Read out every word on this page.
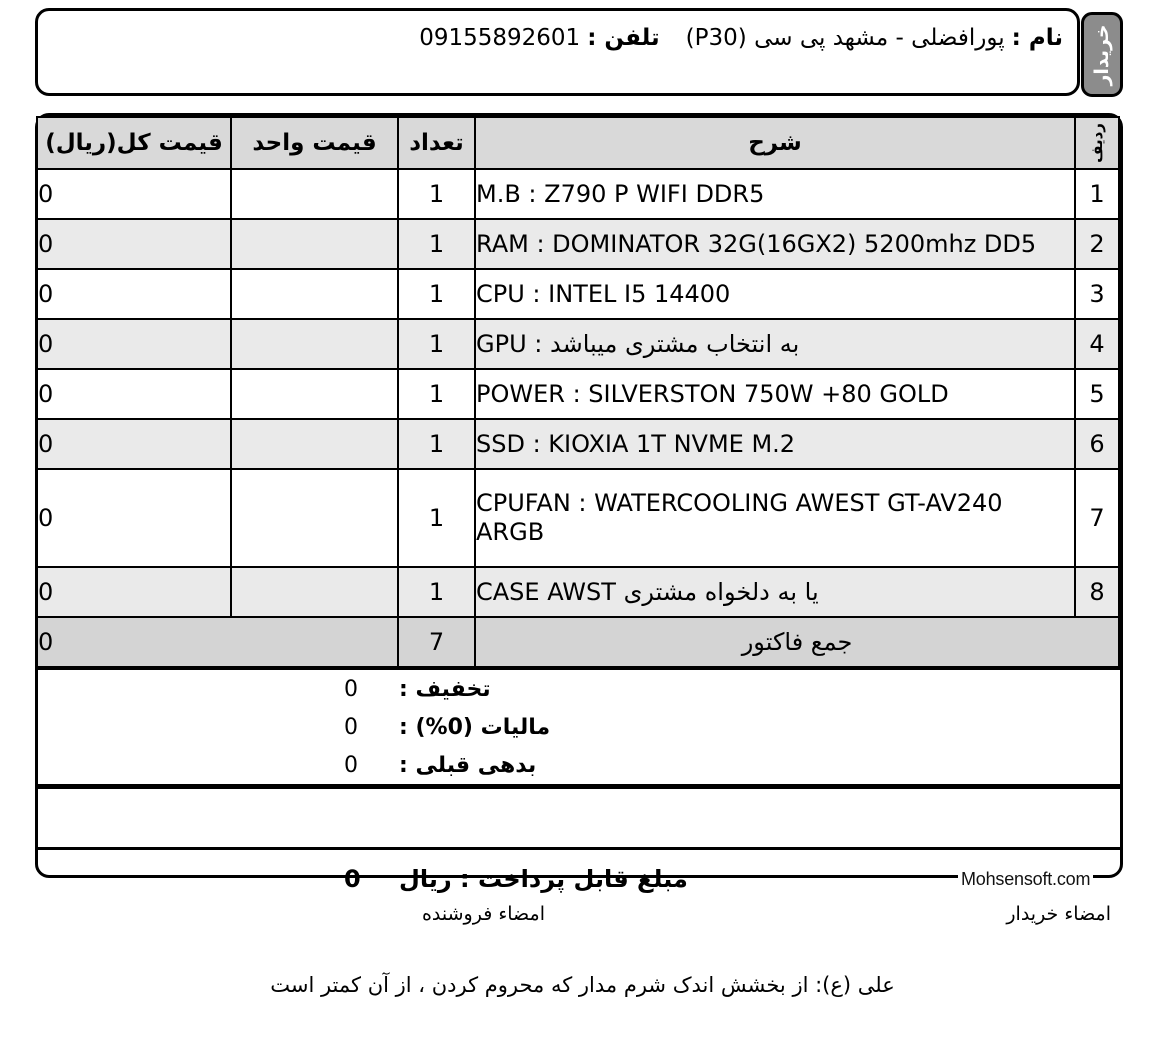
نام :
پورافضلی - مشهد پی سی (P30)
تلفن :
09155892601	خریدار
ردیف	شرح	تعداد	قیمت واحد	قیمت کل(ریال)
1	M.B : Z790 P WIFI DDR5	1		0
2	RAM : DOMINATOR 32G(16GX2) 5200mhz DD5	1		0
3	CPU : INTEL I5 14400	1		0
4	GPU : به انتخاب مشتری میباشد	1		0
5	POWER : SILVERSTON 750W +80 GOLD	1		0
6	SSD : KIOXIA 1T NVME M.2	1		0
7	CPUFAN : WATERCOOLING AWEST GT-AV240 ARGB	1		0
8	CASE AWST یا به دلخواه مشتری	1		0
جمع فاکتور		7	0	
تخفیف :	0	
مالیات (0%) :	0	
بدهی قبلی :	0	
مبلغ قابل پرداخت : ریال	0		Mohsensoft.com
امضاء خریدار
امضاء فروشنده
علی (ع): از بخشش اندک شرم مدار که محروم کردن ، از آن کمتر است
